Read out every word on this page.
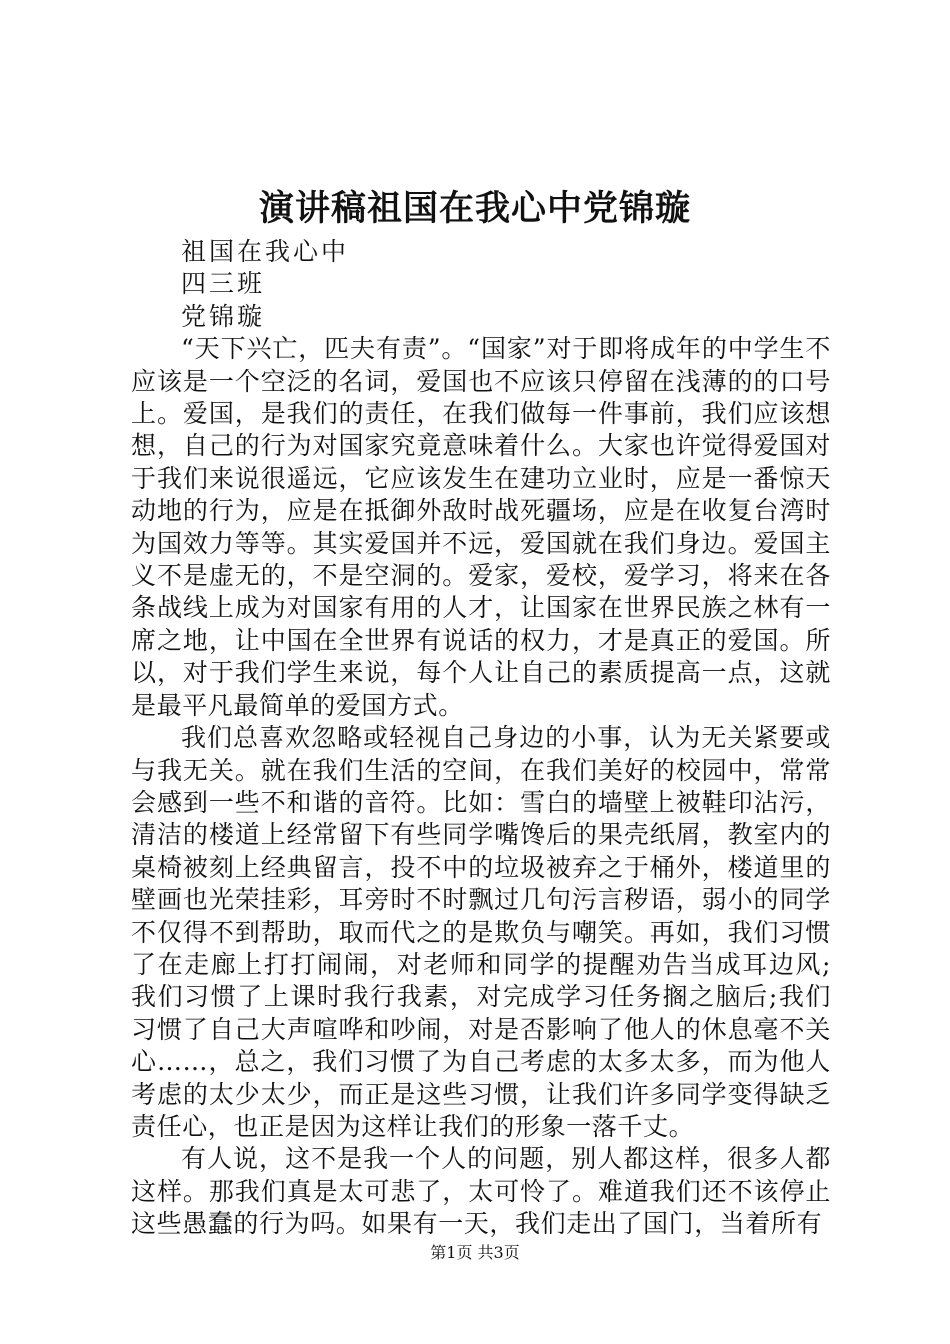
演讲稿祖国在我心中党锦璇

祖国在我心中

四三班

党锦璇

“天下兴亡，匹夫有责”。“国家”对于即将成年的中学生不应该是一个空泛的名词，爱国也不应该只停留在浅薄的的口号上。爱国，是我们的责任，在我们做每一件事前，我们应该想想，自己的行为对国家究竟意味着什么。大家也许觉得爱国对于我们来说很遥远，它应该发生在建功立业时，应是一番惊天动地的行为，应是在抵御外敌时战死疆场，应是在收复台湾时为国效力等等。其实爱国并不远，爱国就在我们身边。爱国主义不是虚无的，不是空洞的。爱家，爱校，爱学习，将来在各条战线上成为对国家有用的人才，让国家在世界民族之林有一席之地，让中国在全世界有说话的权力，才是真正的爱国。所以，对于我们学生来说，每个人让自己的素质提高一点，这就是最平凡最简单的爱国方式。

我们总喜欢忽略或轻视自己身边的小事，认为无关紧要或与我无关。就在我们生活的空间，在我们美好的校园中，常常会感到一些不和谐的音符。比如：雪白的墙壁上被鞋印沾污，清洁的楼道上经常留下有些同学嘴馋后的果壳纸屑，教室内的桌椅被刻上经典留言，投不中的垃圾被弃之于桶外，楼道里的壁画也光荣挂彩，耳旁时不时飘过几句污言秽语，弱小的同学不仅得不到帮助，取而代之的是欺负与嘲笑。再如，我们习惯了在走廊上打打闹闹，对老师和同学的提醒劝告当成耳边风;我们习惯了上课时我行我素，对完成学习任务搁之脑后;我们习惯了自己大声喧哗和吵闹，对是否影响了他人的休息毫不关心……，总之，我们习惯了为自己考虑的太多太多，而为他人考虑的太少太少，而正是这些习惯，让我们许多同学变得缺乏责任心，也正是因为这样让我们的形象一落千丈。

有人说，这不是我一个人的问题，别人都这样，很多人都这样。那我们真是太可悲了，太可怜了。难道我们还不该停止这些愚蠢的行为吗。如果有一天，我们走出了国门，当着所有

第1页 共3页
